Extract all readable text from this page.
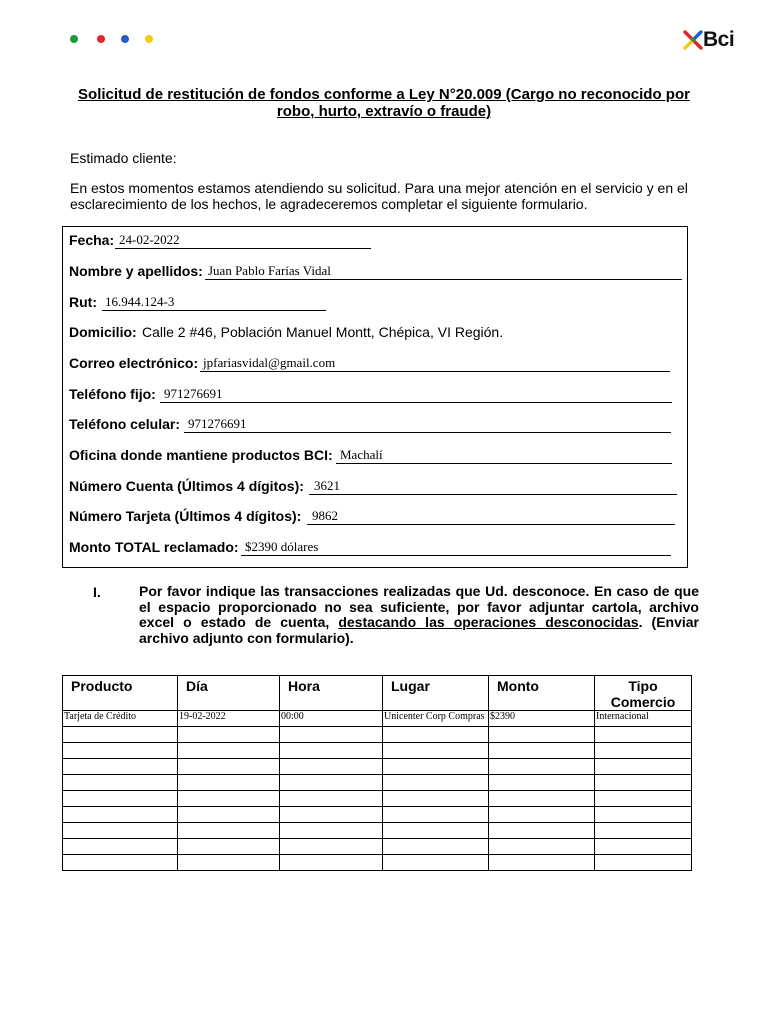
Bci
Solicitud de restitución de fondos conforme a Ley N°20.009 (Cargo no reconocido por robo, hurto, extravío o fraude)
Estimado cliente:
En estos momentos estamos atendiendo su solicitud. Para una mejor atención en el servicio y en el esclarecimiento de los hechos, le agradeceremos completar el siguiente formulario.
Fecha: 24-02-2022
Nombre y apellidos: Juan Pablo Farías Vidal
Rut: 16.944.124-3
Domicilio: Calle 2 #46, Población Manuel Montt, Chépica, VI Región.
Correo electrónico: jpfariasvidal@gmail.com
Teléfono fijo: 971276691
Teléfono celular: 971276691
Oficina donde mantiene productos BCI: Machalí
Número Cuenta (Últimos 4 dígitos): 3621
Número Tarjeta (Últimos 4 dígitos): 9862
Monto TOTAL reclamado: $2390 dólares
I.	Por favor indique las transacciones realizadas que Ud. desconoce. En caso de que el espacio proporcionado no sea suficiente, por favor adjuntar cartola, archivo excel o estado de cuenta, destacando las operaciones desconocidas. (Enviar archivo adjunto con formulario).
Producto	Día	Hora	Lugar	Monto	Tipo Comercio
Tarjeta de Crédito	19-02-2022	00:00	Unicenter Corp Compras	$2390	Internacional
